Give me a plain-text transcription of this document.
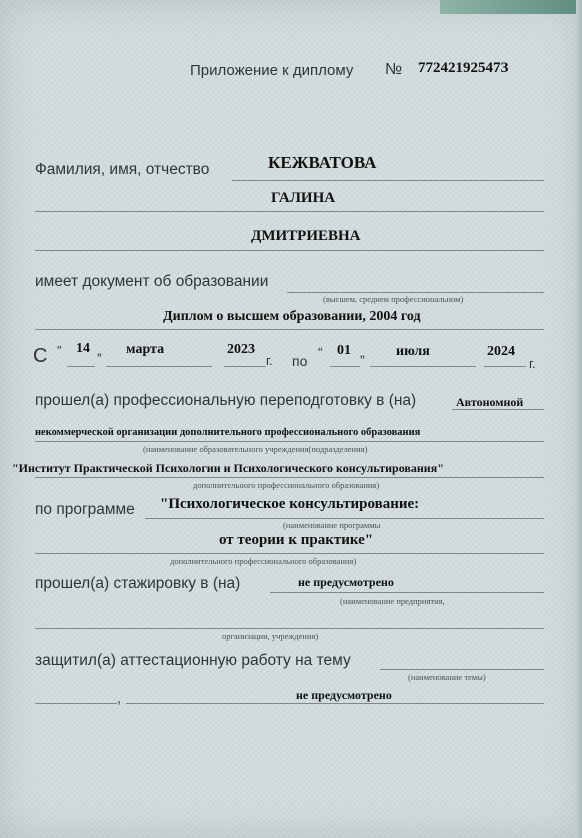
Приложение к диплому № 77242192547З
Фамилия, имя, отчество	КЕЖВАТОВА
ГАЛИНА
ДМИТРИЕВНА
имеет документ об образовании
(высшем, среднем профессиональном)
Диплом о высшем образовании, 2004 год
С “ 14 „ марта	2023
г. по
“ 01 „ июля	2024
г.
прошел(а) профессиональную переподготовку в (на)	Автономной
некоммерческой организации дополнительного профессионального образования
(наименование образовательного учреждения(подразделения)
"Институт Практической Психологии и Психологического консультирования"
дополнительного профессионального образования)
по программе "Психологическое консультирование:
(наименование программы
от теории к практике"
дополнительного профессионального образования)
прошел(а) стажировку в (на)	не предусмотрено
(наименование предприятия,
организации, учреждения)
защитил(а) аттестационную работу на тему
(наименование темы)
,	не предусмотрено
